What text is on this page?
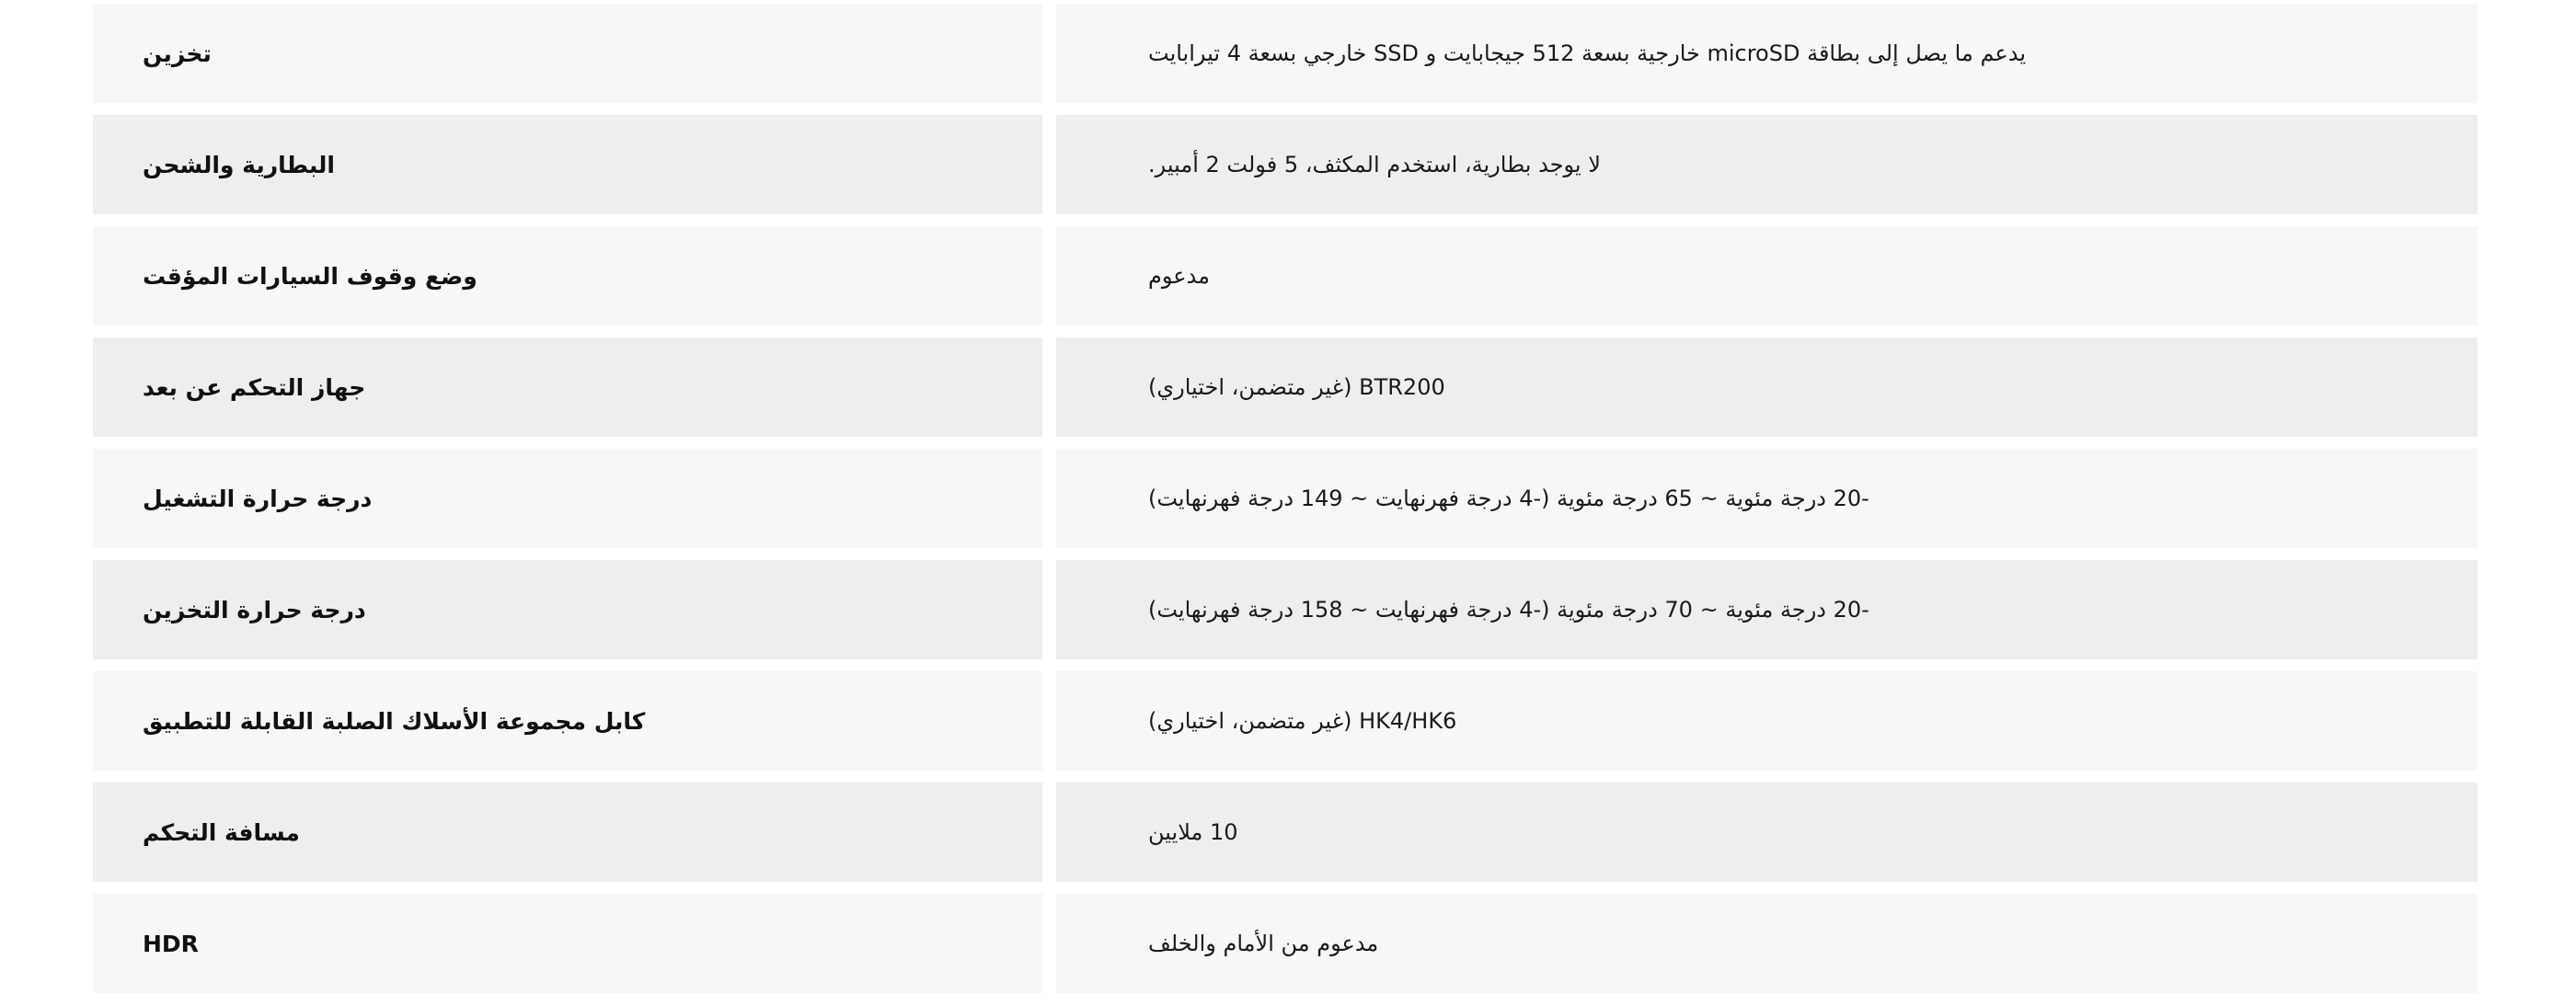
تخزين	يدعم ما يصل إلى بطاقة microSD خارجية بسعة 512 جيجابايت و SSD خارجي بسعة 4 تيرابايت
البطارية والشحن	لا يوجد بطارية، استخدم المكثف، 5 فولت 2 أمبير.
وضع وقوف السيارات المؤقت	مدعوم
جهاز التحكم عن بعد	BTR200 (غير متضمن، اختياري)
درجة حرارة التشغيل	-20 درجة مئوية ~ 65 درجة مئوية (-4 درجة فهرنهايت ~ 149 درجة فهرنهايت)
درجة حرارة التخزين	-20 درجة مئوية ~ 70 درجة مئوية (-4 درجة فهرنهايت ~ 158 درجة فهرنهايت)
كابل مجموعة الأسلاك الصلبة القابلة للتطبيق	HK4/HK6 (غير متضمن، اختياري)
مسافة التحكم	10 ملايين
HDR	مدعوم من الأمام والخلف
